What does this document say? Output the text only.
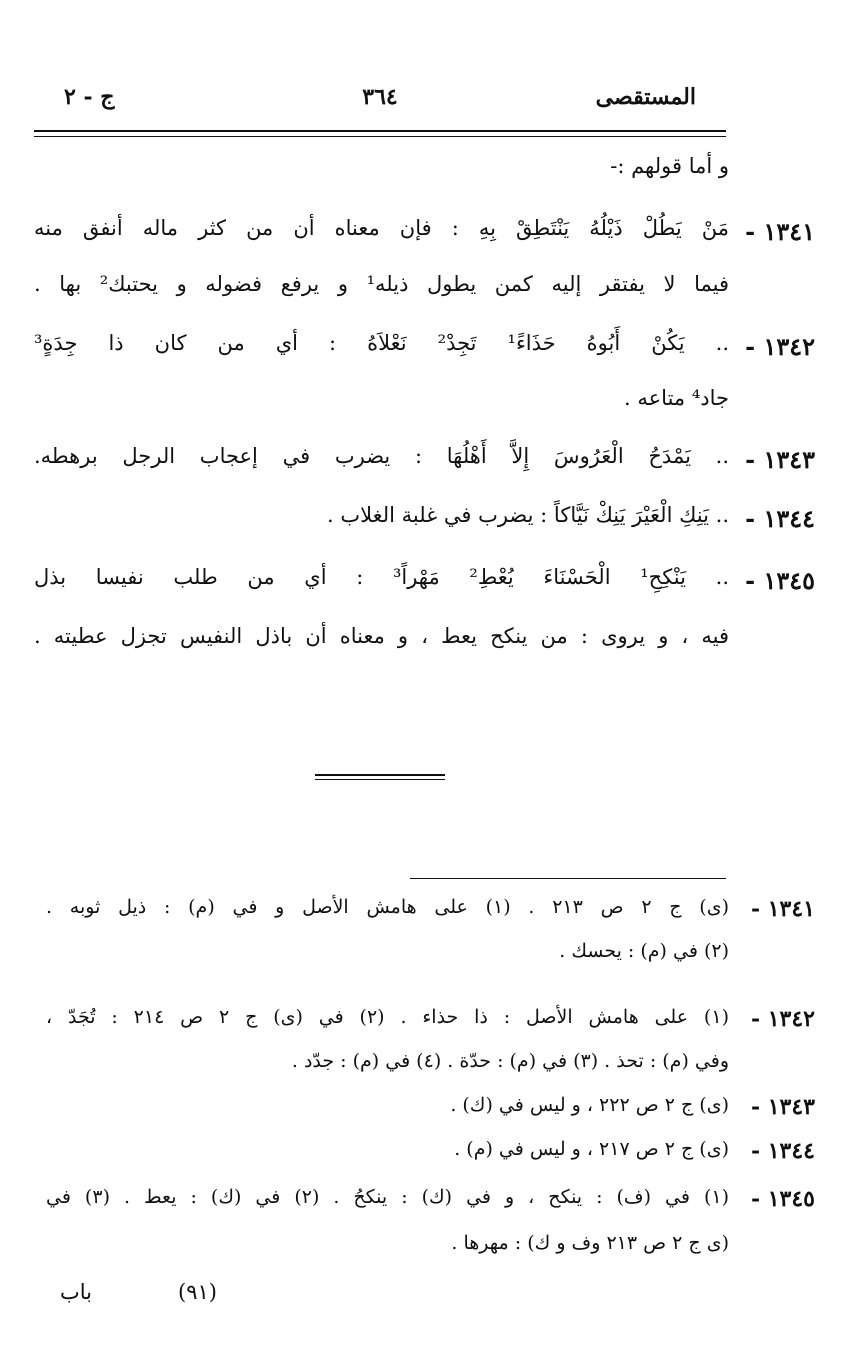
المستقصى
٣٦٤
ج - ٢
و أما قولهم :-
١٣٤١ -
مَنْ يَطُلْ ذَيْلُهُ يَنْتَطِقْ بِهِ : فإن معناه أن من كثر ماله أنفق منه
فيما لا يفتقر إليه كمن يطول ذيله¹ و يرفع فضوله و يحتبك² بها .
١٣٤٢ -
.. يَكُنْ أَبُوهُ حَذَاءً¹ تَجِدْ² نَعْلاَهُ : أي من كان ذا جِدَةٍ³
جاد⁴ متاعه .
١٣٤٣ -
.. يَمْدَحُ الْعَرُوسَ إِلاَّ أَهْلُهَا : يضرب في إعجاب الرجل برهطه.
١٣٤٤ -
.. يَنِكِ الْعَيْرَ يَنِكْ نَيَّاكاً : يضرب في غلبة الغلاب .
١٣٤٥ -
.. يَنْكِحِ¹ الْحَسْنَاءَ يُعْطِ² مَهْراً³ : أي من طلب نفيسا بذل
فيه ، و يروى : من ينكح يعط ، و معناه أن باذل النفيس تجزل عطيته .
١٣٤١ -
(ى) ج ٢ ص ٢١٣ . (١) على هامش الأصل و في (م) : ذيل ثوبه .
(٢) في (م) : يحسك .
١٣٤٢ -
(١) على هامش الأصل : ذا حذاء . (٢) في (ى) ج ٢ ص ٢١٤ : تُجَدّ ،
وفي (م) : تحذ . (٣) في (م) : حدّة . (٤) في (م) : جدّد .
١٣٤٣ -
(ى) ج ٢ ص ٢٢٢ ، و ليس في (ك) .
١٣٤٤ -
(ى) ج ٢ ص ٢١٧ ، و ليس في (م) .
١٣٤٥ -
(١) في (ف) : ينكح ، و في (ك) : ينكحُ . (٢) في (ك) : يعط . (٣) في
(ى ج ٢ ص ٢١٣ وف و ك) : مهرها .
باب	(٩١)
